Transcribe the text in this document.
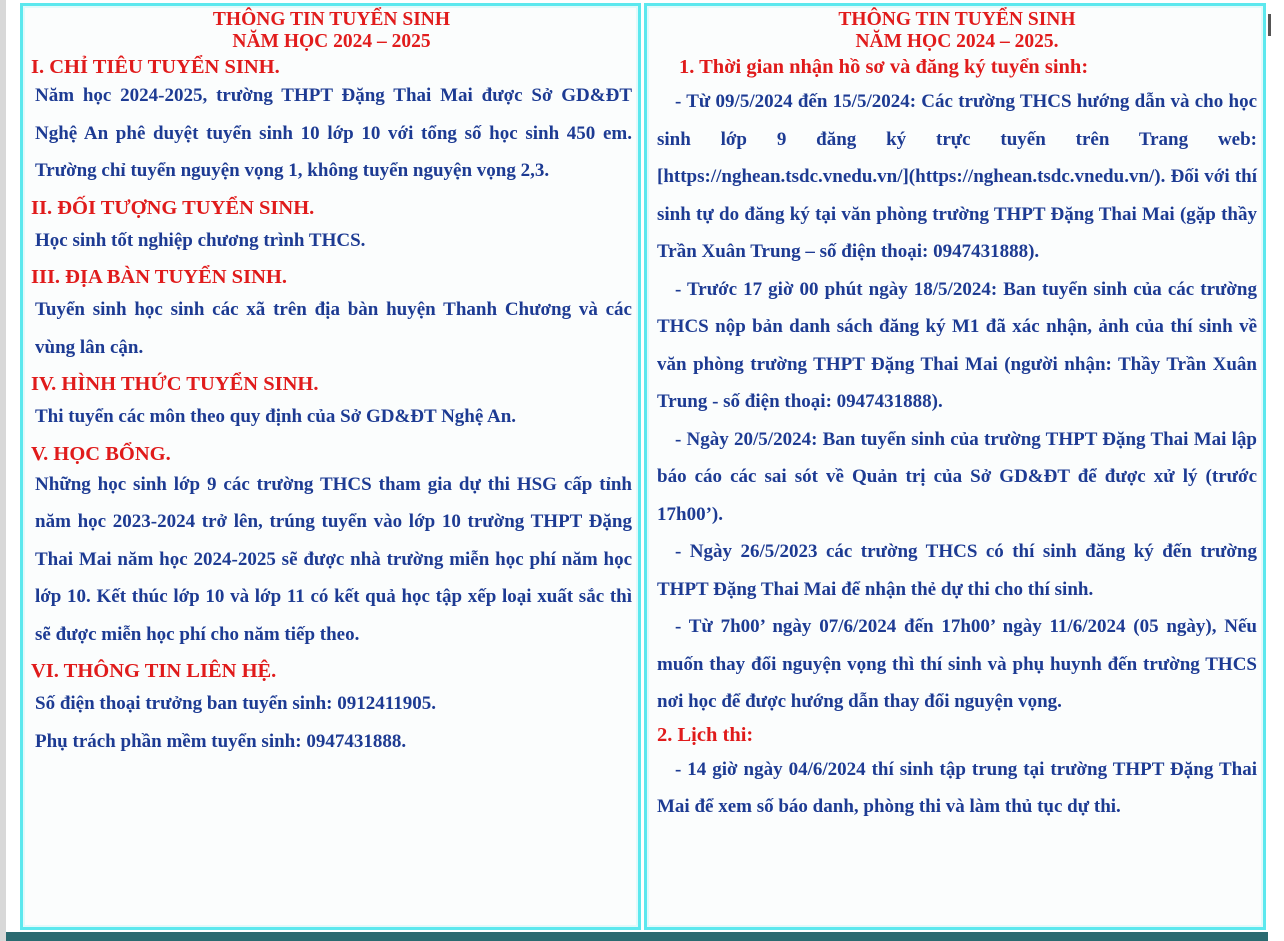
THÔNG TIN TUYỂN SINH
NĂM HỌC 2024 – 2025
I. CHỈ TIÊU TUYỂN SINH.
Năm học 2024-2025, trường THPT Đặng Thai Mai được Sở GD&ĐT Nghệ An phê duyệt tuyển sinh 10 lớp 10 với tổng số học sinh 450 em. Trường chỉ tuyển nguyện vọng 1, không tuyển nguyện vọng 2,3.
II. ĐỐI TƯỢNG TUYỂN SINH.
Học sinh tốt nghiệp chương trình THCS.
III. ĐỊA BÀN TUYỂN SINH.
Tuyển sinh học sinh các xã trên địa bàn huyện Thanh Chương và các vùng lân cận.
IV. HÌNH THỨC TUYỂN SINH.
Thi tuyển các môn theo quy định của Sở GD&ĐT Nghệ An.
V. HỌC BỔNG.
Những học sinh lớp 9 các trường THCS tham gia dự thi HSG cấp tỉnh năm học 2023-2024 trở lên, trúng tuyển vào lớp 10 trường THPT Đặng Thai Mai năm học 2024-2025 sẽ được nhà trường miễn học phí năm học lớp 10. Kết thúc lớp 10 và lớp 11 có kết quả học tập xếp loại xuất sắc thì sẽ được miễn học phí cho năm tiếp theo.
VI. THÔNG TIN LIÊN HỆ.
Số điện thoại trưởng ban tuyển sinh: 0912411905.
Phụ trách phần mềm tuyển sinh: 0947431888.
THÔNG TIN TUYỂN SINH
NĂM HỌC 2024 – 2025.
1. Thời gian nhận hồ sơ và đăng ký tuyển sinh:
- Từ 09/5/2024 đến 15/5/2024: Các trường THCS hướng dẫn và cho học sinh lớp 9 đăng ký trực tuyến trên Trang web: [https://nghean.tsdc.vnedu.vn/](https://nghean.tsdc.vnedu.vn/). Đối với thí sinh tự do đăng ký tại văn phòng trường THPT Đặng Thai Mai (gặp thầy Trần Xuân Trung – số điện thoại: 0947431888).
- Trước 17 giờ 00 phút ngày 18/5/2024: Ban tuyển sinh của các trường THCS nộp bản danh sách đăng ký M1 đã xác nhận, ảnh của thí sinh về văn phòng trường THPT Đặng Thai Mai (người nhận: Thầy Trần Xuân Trung - số điện thoại: 0947431888).
- Ngày 20/5/2024: Ban tuyển sinh của trường THPT Đặng Thai Mai lập báo cáo các sai sót về Quản trị của Sở GD&ĐT để được xử lý (trước 17h00’).
- Ngày 26/5/2023 các trường THCS có thí sinh đăng ký đến trường THPT Đặng Thai Mai để nhận thẻ dự thi cho thí sinh.
- Từ 7h00’ ngày 07/6/2024 đến 17h00’ ngày 11/6/2024 (05 ngày), Nếu muốn thay đổi nguyện vọng thì thí sinh và phụ huynh đến trường THCS nơi học để được hướng dẫn thay đổi nguyện vọng.
2. Lịch thi:
- 14 giờ ngày 04/6/2024 thí sinh tập trung tại trường THPT Đặng Thai Mai để xem số báo danh, phòng thi và làm thủ tục dự thi.
